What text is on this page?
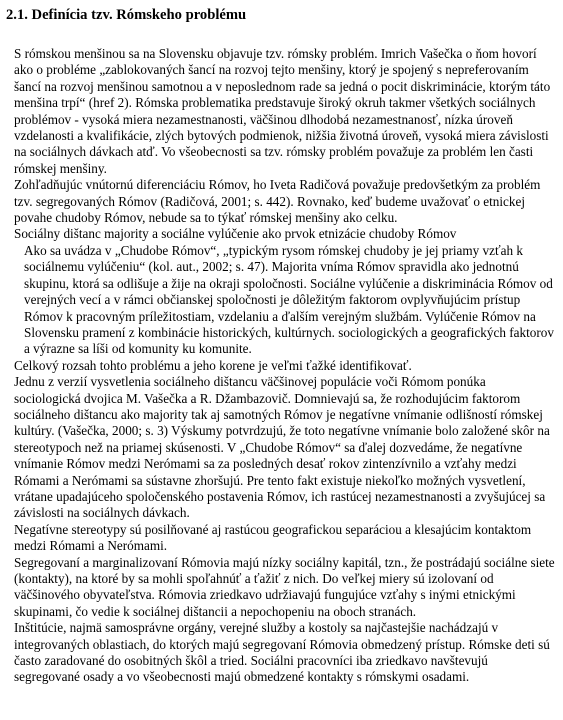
2.1. Definícia tzv. Rómskeho problému

S rómskou menšinou sa na Slovensku objavuje tzv. rómsky problém. Imrich Vašečka o ňom hovorí ako o probléme „zablokovaných šancí na rozvoj tejto menšiny, ktorý je spojený s nepreferovaním šancí na rozvoj menšinou samotnou a v neposlednom rade sa jedná o pocit diskriminácie, ktorým táto menšina trpí“ (href 2). Rómska problematika predstavuje široký okruh takmer všetkých sociálnych problémov - vysoká miera nezamestnanosti, väčšinou dlhodobá nezamestnanosť, nízka úroveň vzdelanosti a kvalifikácie, zlých bytových podmienok, nižšia životná úroveň, vysoká miera závislosti na sociálnych dávkach atď. Vo všeobecnosti sa tzv. rómsky problém považuje za problém len časti rómskej menšiny.

Zohľadňujúc vnútornú diferenciáciu Rómov, ho Iveta Radičová považuje predovšetkým za problém tzv. segregovaných Rómov (Radičová, 2001; s. 442). Rovnako, keď budeme uvažovať o etnickej povahe chudoby Rómov, nebude sa to týkať rómskej menšiny ako celku.

Sociálny dištanc majority a sociálne vylúčenie ako prvok etnizácie chudoby Rómov

Ako sa uvádza v „Chudobe Rómov“, „typickým rysom rómskej chudoby je jej priamy vzťah k sociálnemu vylúčeniu“ (kol. aut., 2002; s. 47). Majorita vníma Rómov spravidla ako jednotnú skupinu, ktorá sa odlišuje a žije na okraji spoločnosti. Sociálne vylúčenie a diskriminácia Rómov od verejných vecí a v rámci občianskej spoločnosti je dôležitým faktorom ovplyvňujúcim prístup Rómov k pracovným príležitostiam, vzdelaniu a ďalším verejným službám. Vylúčenie Rómov na Slovensku pramení z kombinácie historických, kultúrnych. sociologických a geografických faktorov a výrazne sa líši od komunity ku komunite.

Celkový rozsah tohto problému a jeho korene je veľmi ťažké identifikovať.

Jednu z verzií vysvetlenia sociálneho dištancu väčšinovej populácie voči Rómom ponúka sociologická dvojica M. Vašečka a R. Džambazovič. Domnievajú sa, že rozhodujúcim faktorom sociálneho dištancu ako majority tak aj samotných Rómov je negatívne vnímanie odlišností rómskej kultúry. (Vašečka, 2000; s. 3) Výskumy potvrdzujú, že toto negatívne vnímanie bolo založené skôr na stereotypoch než na priamej skúsenosti. V „Chudobe Rómov“ sa ďalej dozvedáme, že negatívne vnímanie Rómov medzi Nerómami sa za posledných desať rokov zintenzívnilo a vzťahy medzi Rómami a Nerómami sa sústavne zhoršujú. Pre tento fakt existuje niekoľko možných vysvetlení, vrátane upadajúceho spoločenského postavenia Rómov, ich rastúcej nezamestnanosti a zvyšujúcej sa závislosti na sociálnych dávkach.

Negatívne stereotypy sú posilňované aj rastúcou geografickou separáciou a klesajúcim kontaktom medzi Rómami a Nerómami.

Segregovaní a marginalizovaní Rómovia majú nízky sociálny kapitál, tzn., že postrádajú sociálne siete (kontakty), na ktoré by sa mohli spoľahnúť a ťažiť z nich. Do veľkej miery sú izolovaní od väčšinového obyvateľstva. Rómovia zriedkavo udržiavajú fungujúce vzťahy s inými etnickými skupinami, čo vedie k sociálnej dištancii a nepochopeniu na oboch stranách.

Inštitúcie, najmä samosprávne orgány, verejné služby a kostoly sa najčastejšie nachádzajú v integrovaných oblastiach, do ktorých majú segregovaní Rómovia obmedzený prístup. Rómske deti sú často zaradované do osobitných škôl a tried. Sociálni pracovníci iba zriedkavo navštevujú segregované osady a vo všeobecnosti majú obmedzené kontakty s rómskymi osadami.
